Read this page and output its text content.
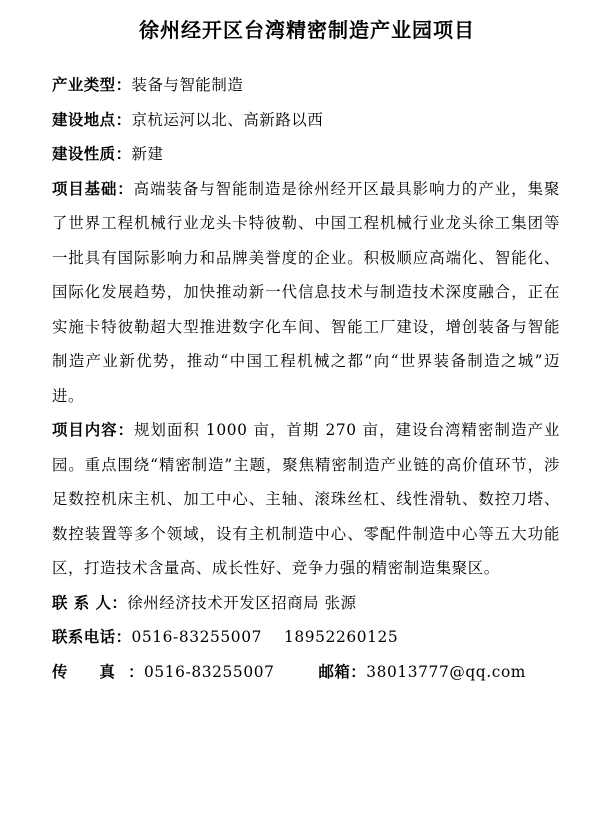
徐州经开区台湾精密制造产业园项目

产业类型：装备与智能制造

建设地点：京杭运河以北、高新路以西

建设性质：新建

项目基础：高端装备与智能制造是徐州经开区最具影响力的产业，集聚了世界工程机械行业龙头卡特彼勒、中国工程机械行业龙头徐工集团等一批具有国际影响力和品牌美誉度的企业。积极顺应高端化、智能化、国际化发展趋势，加快推动新一代信息技术与制造技术深度融合，正在实施卡特彼勒超大型推进数字化车间、智能工厂建设，增创装备与智能制造产业新优势，推动“中国工程机械之都”向“世界装备制造之城”迈进。

项目内容：规划面积 1000 亩，首期 270 亩，建设台湾精密制造产业园。重点围绕“精密制造”主题，聚焦精密制造产业链的高价值环节，涉足数控机床主机、加工中心、主轴、滚珠丝杠、线性滑轨、数控刀塔、数控装置等多个领域，设有主机制造中心、零配件制造中心等五大功能区，打造技术含量高、成长性好、竞争力强的精密制造集聚区。

联 系 人：徐州经济技术开发区招商局 张源

联系电话：0516-83255007 18952260125

传 真：0516-83255007	邮箱：38013777@qq.com
